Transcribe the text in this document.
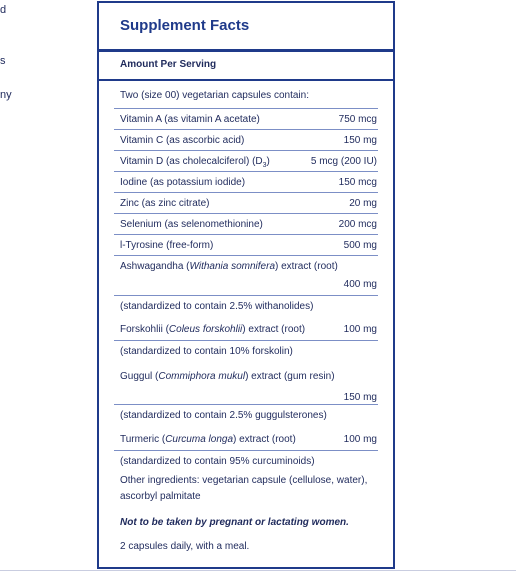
d
s
ny
Supplement Facts
Amount Per Serving
Two (size 00) vegetarian capsules contain:
Vitamin A (as vitamin A acetate)	750 mcg
Vitamin C (as ascorbic acid)	150 mg
Vitamin D (as cholecalciferol) $(D_3)$	5 mcg (200 IU)
Iodine (as potassium iodide)	150 mcg
Zinc (as zinc citrate)	20 mg
Selenium (as selenomethionine)	200 mcg
l-Tyrosine (free-form)	500 mg
Ashwagandha (Withania somnifera) extract (root)
400 mg
(standardized to contain 2.5% withanolides)
Forskohlii (Coleus forskohlii) extract (root)	100 mg
(standardized to contain 10% forskolin)
Guggul (Commiphora mukul) extract (gum resin)
150 mg
(standardized to contain 2.5% guggulsterones)
Turmeric (Curcuma longa) extract (root)	100 mg
(standardized to contain 95% curcuminoids)
Other ingredients: vegetarian capsule (cellulose, water), ascorbyl palmitate
Not to be taken by pregnant or lactating women.
2 capsules daily, with a meal.
